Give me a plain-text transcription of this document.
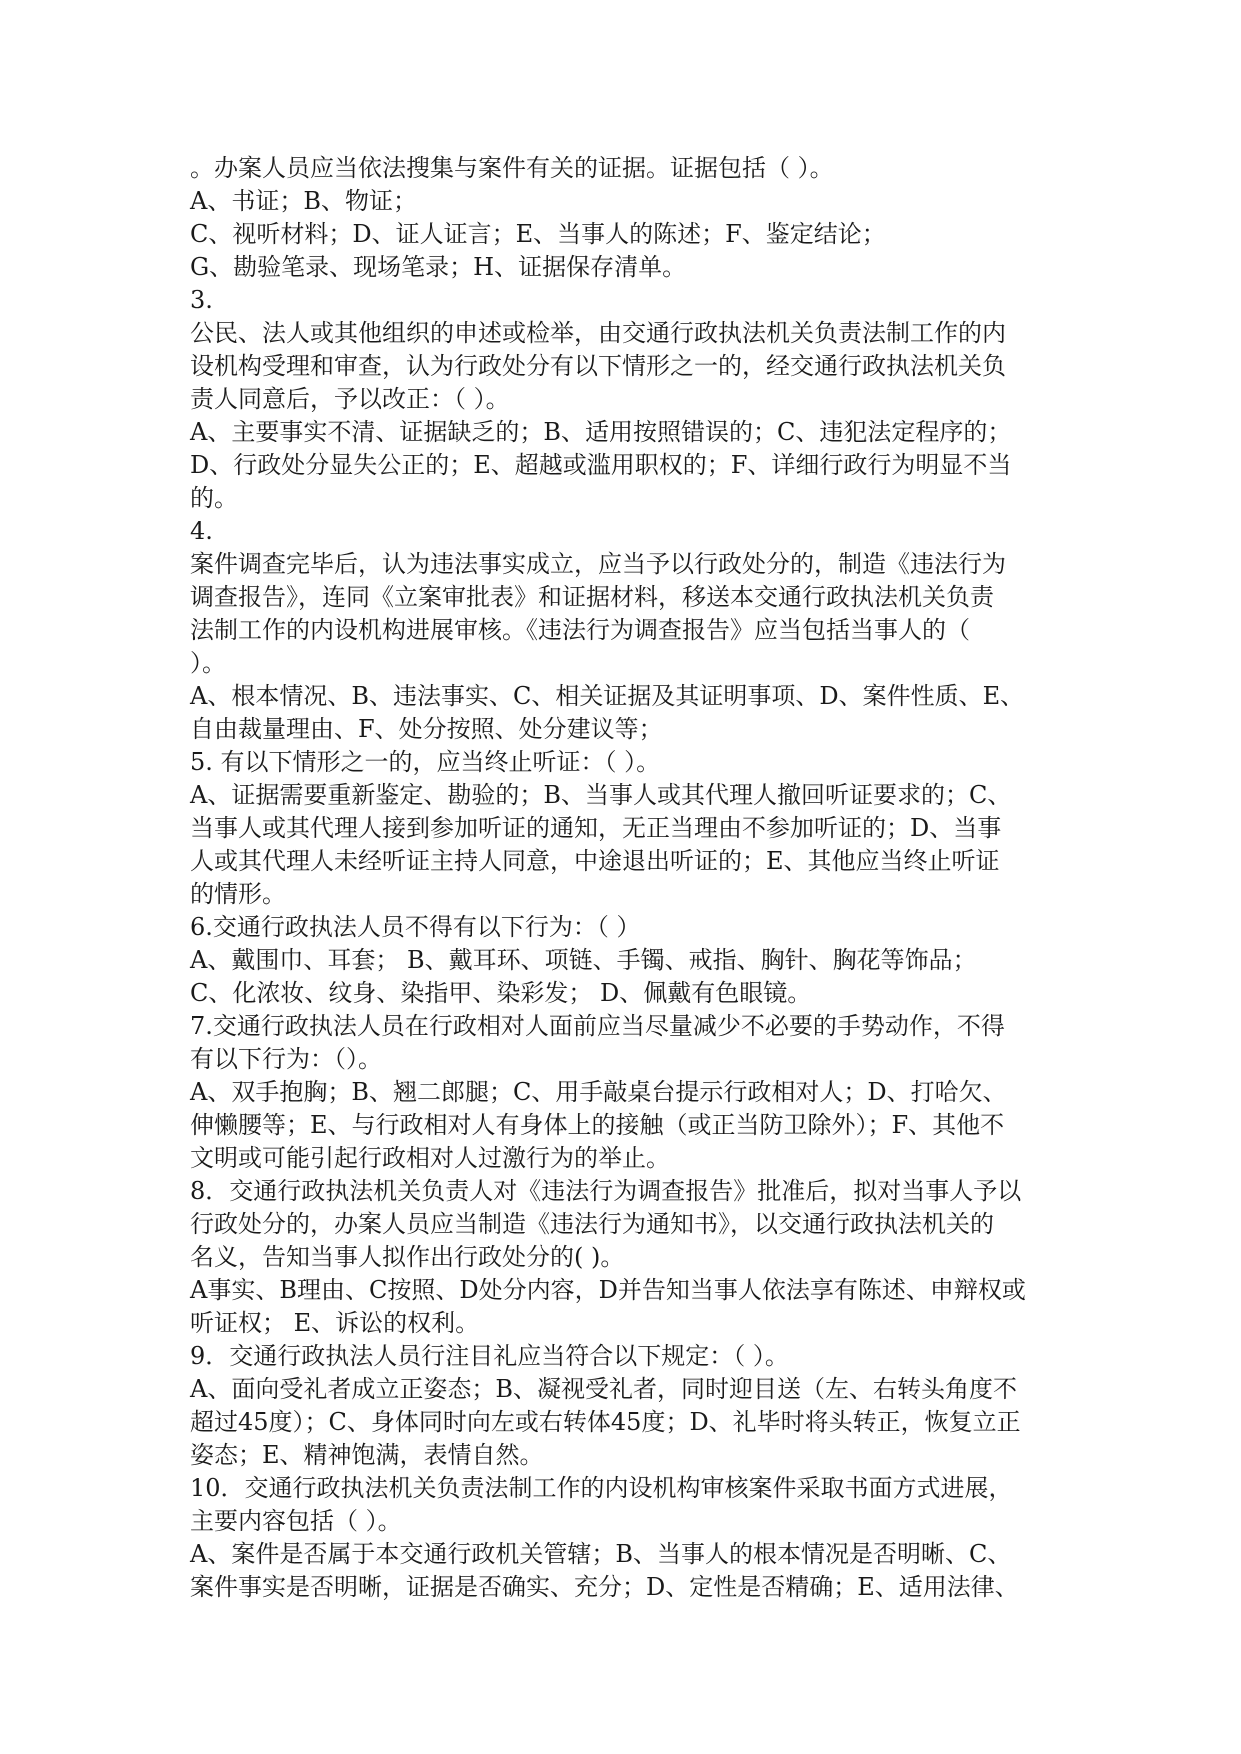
。办案人员应当依法搜集与案件有关的证据。证据包括（ ）。
A、书证；B、物证；
C、视听材料；D、证人证言；E、当事人的陈述；F、鉴定结论；
G、勘验笔录、现场笔录；H、证据保存清单。
3.
公民、法人或其他组织的申述或检举，由交通行政执法机关负责法制工作的内
设机构受理和审查，认为行政处分有以下情形之一的，经交通行政执法机关负
责人同意后，予以改正：（ ）。
A、主要事实不清、证据缺乏的；B、适用按照错误的；C、违犯法定程序的；
D、行政处分显失公正的；E、超越或滥用职权的；F、详细行政行为明显不当
的。
4.
案件调查完毕后，认为违法事实成立，应当予以行政处分的，制造《违法行为
调查报告》，连同《立案审批表》和证据材料，移送本交通行政执法机关负责
法制工作的内设机构进展审核。《违法行为调查报告》应当包括当事人的（
）。
A、根本情况、B、违法事实、C、相关证据及其证明事项、D、案件性质、E、
自由裁量理由、F、处分按照、处分建议等；
5. 有以下情形之一的，应当终止听证：（ ）。
A、证据需要重新鉴定、勘验的；B、当事人或其代理人撤回听证要求的；C、
当事人或其代理人接到参加听证的通知，无正当理由不参加听证的；D、当事
人或其代理人未经听证主持人同意，中途退出听证的；E、其他应当终止听证
的情形。
6.交通行政执法人员不得有以下行为：（ ）
A、戴围巾、耳套； B、戴耳环、项链、手镯、戒指、胸针、胸花等饰品；
C、化浓妆、纹身、染指甲、染彩发； D、佩戴有色眼镜。
7.交通行政执法人员在行政相对人面前应当尽量减少不必要的手势动作，不得
有以下行为：（）。
A、双手抱胸；B、翘二郎腿；C、用手敲桌台提示行政相对人；D、打哈欠、
伸懒腰等；E、与行政相对人有身体上的接触（或正当防卫除外）；F、其他不
文明或可能引起行政相对人过激行为的举止。
8．交通行政执法机关负责人对《违法行为调查报告》批准后，拟对当事人予以
行政处分的，办案人员应当制造《违法行为通知书》，以交通行政执法机关的
名义，告知当事人拟作出行政处分的( )。
A事实、B理由、C按照、D处分内容，D并告知当事人依法享有陈述、申辩权或
听证权； E、诉讼的权利。
9．交通行政执法人员行注目礼应当符合以下规定：（ ）。
A、面向受礼者成立正姿态；B、凝视受礼者，同时迎目送（左、右转头角度不
超过45度）；C、身体同时向左或右转体45度；D、礼毕时将头转正，恢复立正
姿态；E、精神饱满，表情自然。
10．交通行政执法机关负责法制工作的内设机构审核案件采取书面方式进展，
主要内容包括（ ）。
A、案件是否属于本交通行政机关管辖；B、当事人的根本情况是否明晰、C、
案件事实是否明晰，证据是否确实、充分；D、定性是否精确；E、适用法律、
